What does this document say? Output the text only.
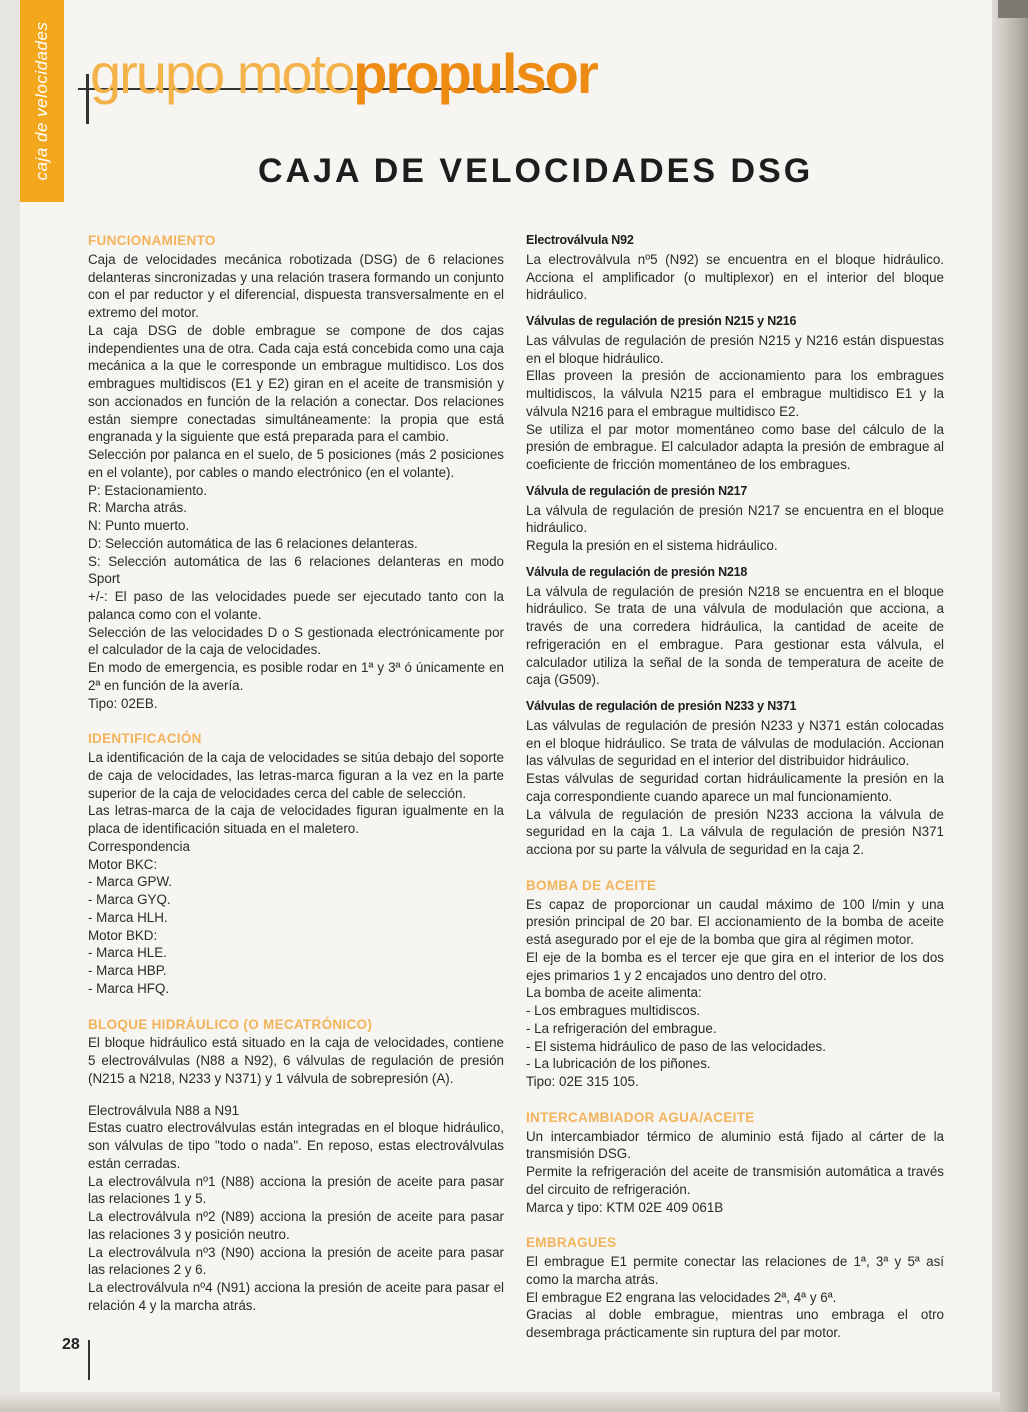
caja de velocidades grupo motopropulsor
CAJA DE VELOCIDADES DSG
FUNCIONAMIENTO

Caja de velocidades mecánica robotizada (DSG) de 6 relaciones delanteras sincronizadas y una relación trasera formando un conjunto con el par reductor y el diferencial, dispuesta transversalmente en el extremo del motor.

La caja DSG de doble embrague se compone de dos cajas independientes una de otra. Cada caja está concebida como una caja mecánica a la que le corresponde un embrague multidisco. Los dos embragues multidiscos (E1 y E2) giran en el aceite de transmisión y son accionados en función de la relación a conectar. Dos relaciones están siempre conectadas simultáneamente: la propia que está engranada y la siguiente que está preparada para el cambio.

Selección por palanca en el suelo, de 5 posiciones (más 2 posiciones en el volante), por cables o mando electrónico (en el volante).

P: Estacionamiento.

R: Marcha atrás.

N: Punto muerto.

D: Selección automática de las 6 relaciones delanteras.

S: Selección automática de las 6 relaciones delanteras en modo Sport

+/-: El paso de las velocidades puede ser ejecutado tanto con la palanca como con el volante.

Selección de las velocidades D o S gestionada electrónicamente por el calculador de la caja de velocidades.

En modo de emergencia, es posible rodar en 1ª y 3ª ó únicamente en 2ª en función de la avería.

Tipo: 02EB.

IDENTIFICACIÓN

La identificación de la caja de velocidades se sitúa debajo del soporte de caja de velocidades, las letras-marca figuran a la vez en la parte superior de la caja de velocidades cerca del cable de selección.

Las letras-marca de la caja de velocidades figuran igualmente en la placa de identificación situada en el maletero.

Correspondencia

Motor BKC:

- Marca GPW.

- Marca GYQ.

- Marca HLH.

Motor BKD:

- Marca HLE.

- Marca HBP.

- Marca HFQ.

BLOQUE HIDRÁULICO (O MECATRÓNICO)

El bloque hidráulico está situado en la caja de velocidades, contiene 5 electroválvulas (N88 a N92), 6 válvulas de regulación de presión (N215 a N218, N233 y N371) y 1 válvula de sobrepresión (A).

Electroválvula N88 a N91

Estas cuatro electroválvulas están integradas en el bloque hidráulico, son válvulas de tipo "todo o nada". En reposo, estas electroválvulas están cerradas.

La electroválvula nº1 (N88) acciona la presión de aceite para pasar las relaciones 1 y 5.

La electroválvula nº2 (N89) acciona la presión de aceite para pasar las relaciones 3 y posición neutro.

La electroválvula nº3 (N90) acciona la presión de aceite para pasar las relaciones 2 y 6.

La electroválvula nº4 (N91) acciona la presión de aceite para pasar el relación 4 y la marcha atrás.

Electroválvula N92

La electroválvula nº5 (N92) se encuentra en el bloque hidráulico. Acciona el amplificador (o multiplexor) en el interior del bloque hidráulico.

Válvulas de regulación de presión N215 y N216

Las válvulas de regulación de presión N215 y N216 están dispuestas en el bloque hidráulico.

Ellas proveen la presión de accionamiento para los embragues multidiscos, la válvula N215 para el embrague multidisco E1 y la válvula N216 para el embrague multidisco E2.

Se utiliza el par motor momentáneo como base del cálculo de la presión de embrague. El calculador adapta la presión de embrague al coeficiente de fricción momentáneo de los embragues.

Válvula de regulación de presión N217

La válvula de regulación de presión N217 se encuentra en el bloque hidráulico.

Regula la presión en el sistema hidráulico.

Válvula de regulación de presión N218

La válvula de regulación de presión N218 se encuentra en el bloque hidráulico. Se trata de una válvula de modulación que acciona, a través de una corredera hidráulica, la cantidad de aceite de refrigeración en el embrague. Para gestionar esta válvula, el calculador utiliza la señal de la sonda de temperatura de aceite de caja (G509).

Válvulas de regulación de presión N233 y N371

Las válvulas de regulación de presión N233 y N371 están colocadas en el bloque hidráulico. Se trata de válvulas de modulación. Accionan las válvulas de seguridad en el interior del distribuidor hidráulico.

Estas válvulas de seguridad cortan hidráulicamente la presión en la caja correspondiente cuando aparece un mal funcionamiento.

La válvula de regulación de presión N233 acciona la válvula de seguridad en la caja 1. La válvula de regulación de presión N371 acciona por su parte la válvula de seguridad en la caja 2.

BOMBA DE ACEITE

Es capaz de proporcionar un caudal máximo de 100 l/min y una presión principal de 20 bar. El accionamiento de la bomba de aceite está asegurado por el eje de la bomba que gira al régimen motor.

El eje de la bomba es el tercer eje que gira en el interior de los dos ejes primarios 1 y 2 encajados uno dentro del otro.

La bomba de aceite alimenta:

- Los embragues multidiscos.

- La refrigeración del embrague.

- El sistema hidráulico de paso de las velocidades.

- La lubricación de los piñones.

Tipo: 02E 315 105.

INTERCAMBIADOR AGUA/ACEITE

Un intercambiador térmico de aluminio está fijado al cárter de la transmisión DSG.

Permite la refrigeración del aceite de transmisión automática a través del circuito de refrigeración.

Marca y tipo: KTM 02E 409 061B

EMBRAGUES

El embrague E1 permite conectar las relaciones de 1ª, 3ª y 5ª así como la marcha atrás.

El embrague E2 engrana las velocidades 2ª, 4ª y 6ª.

Gracias al doble embrague, mientras uno embraga el otro desembraga prácticamente sin ruptura del par motor.

28
